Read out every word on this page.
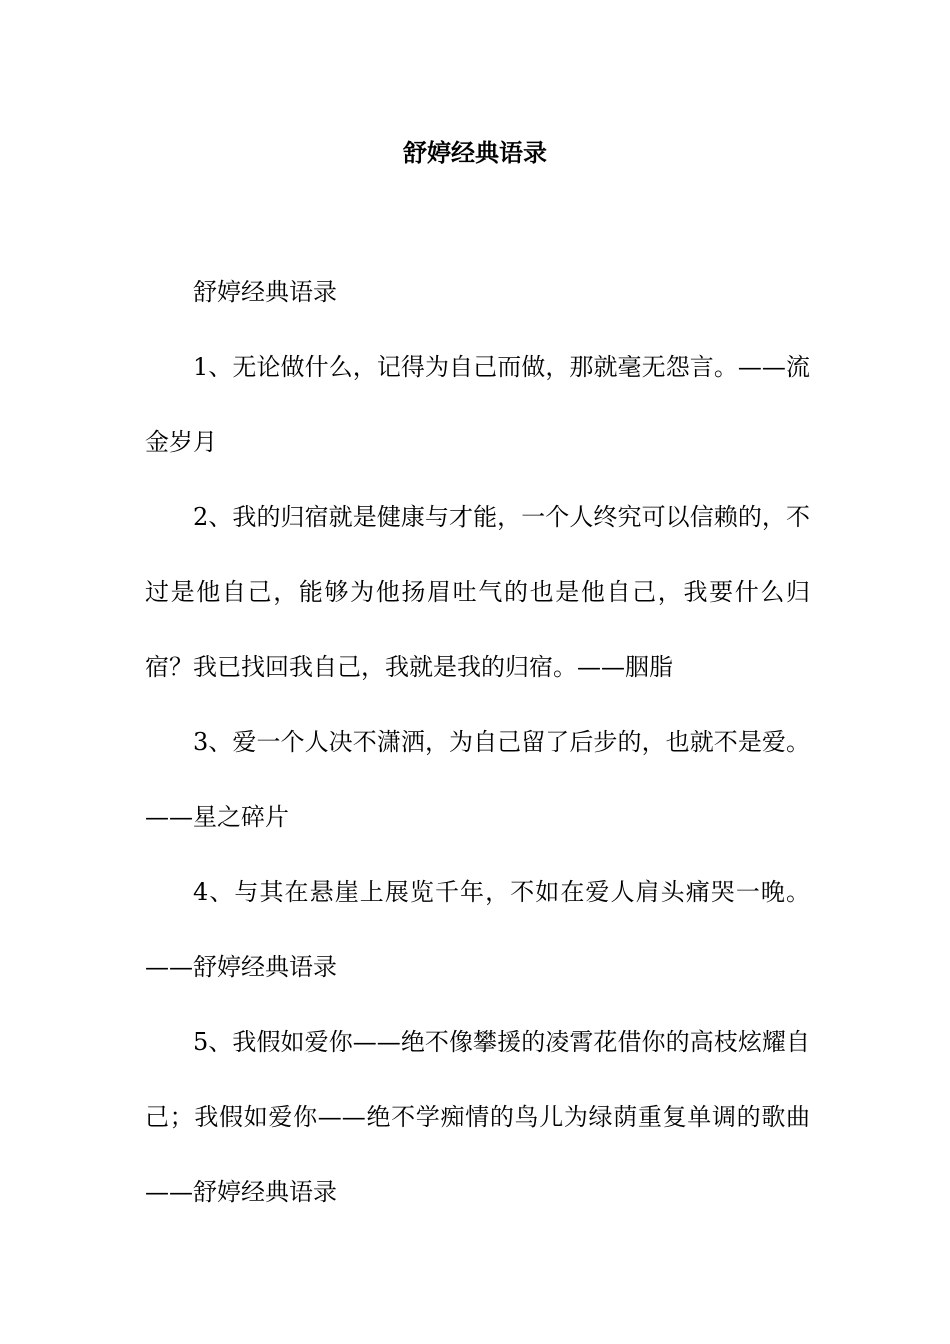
舒婷经典语录

舒婷经典语录

1、无论做什么，记得为自己而做，那就毫无怨言。——流金岁月

2、我的归宿就是健康与才能，一个人终究可以信赖的，不过是他自己，能够为他扬眉吐气的也是他自己，我要什么归宿？我已找回我自己，我就是我的归宿。——胭脂

3、爱一个人决不潇洒，为自己留了后步的，也就不是爱。——星之碎片

4、与其在悬崖上展览千年，不如在爱人肩头痛哭一晚。——舒婷经典语录

5、我假如爱你——绝不像攀援的凌霄花借你的高枝炫耀自己；我假如爱你——绝不学痴情的鸟儿为绿荫重复单调的歌曲——舒婷经典语录
